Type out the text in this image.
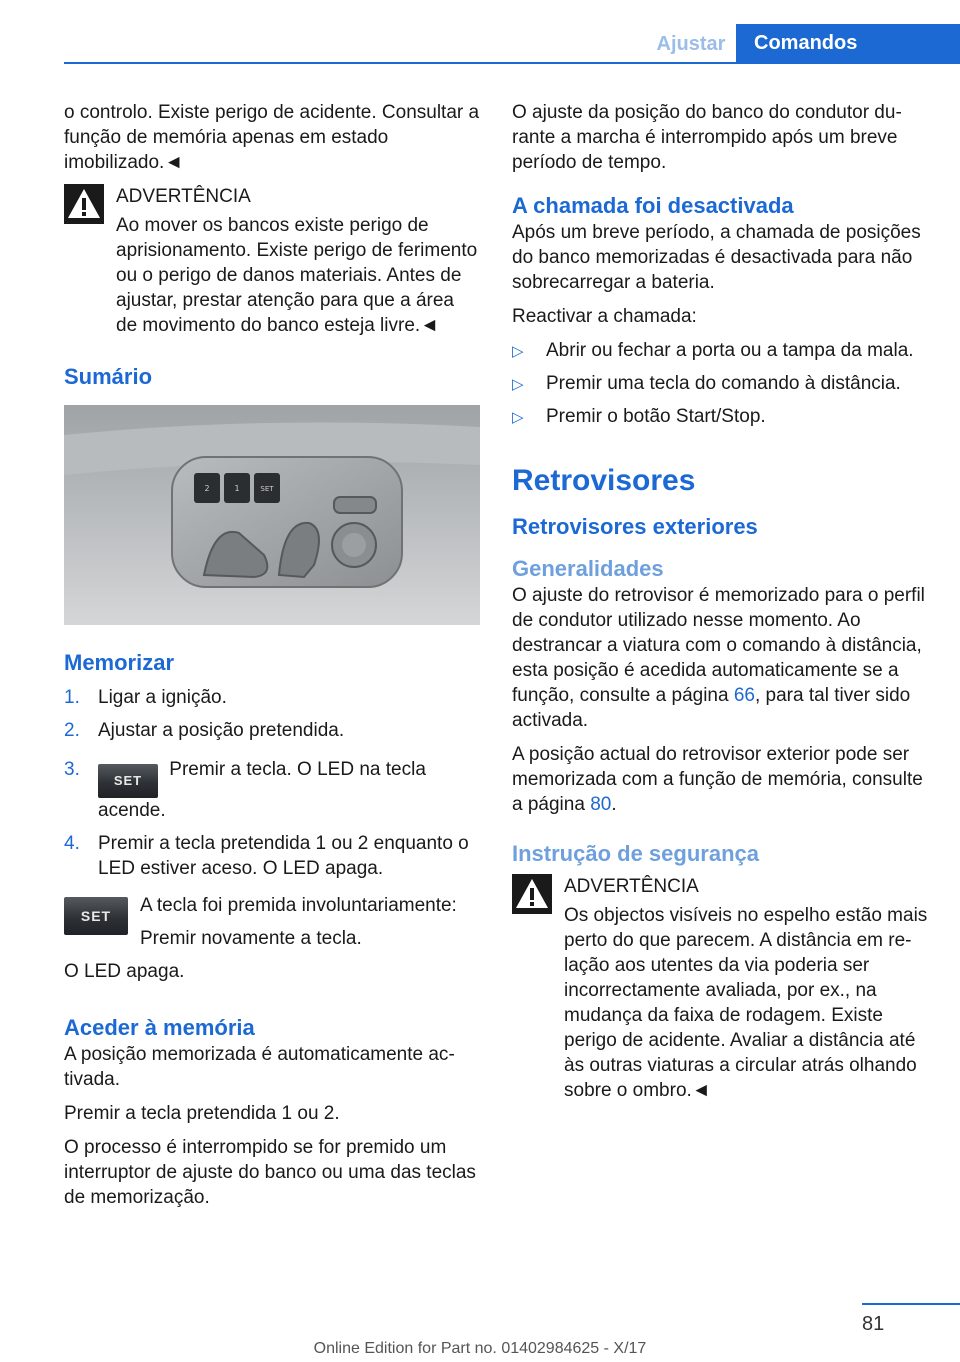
Ajustar	Comandos

o controlo. Existe perigo de acidente. Consultar a função de memória apenas em estado imobilizado.◄

ADVERTÊNCIA

Ao mover os bancos existe perigo de aprisionamento. Existe perigo de ferimento ou o perigo de danos materiais. Antes de ajustar, prestar atenção para que a área de movimento do banco esteja livre.◄

Sumário
2	1	SET
Memorizar
1. Ligar a ignição.
2. Ajustar a posição pretendida.
3.
SET Premir a tecla. O LED na tecla acende.
4. Premir a tecla pretendida 1 ou 2 enquanto o LED estiver aceso. O LED apaga.
SET	A tecla foi premida involuntariamente:

Premir novamente a tecla.

O LED apaga.

Aceder à memória

A posição memorizada é automaticamente activada.

Premir a tecla pretendida 1 ou 2.

O processo é interrompido se for premido um interruptor de ajuste do banco ou uma das teclas de memorização.

O ajuste da posição do banco do condutor durante a marcha é interrompido após um breve período de tempo.

A chamada foi desactivada

Após um breve período, a chamada de posições do banco memorizadas é desactivada para não sobrecarregar a bateria.

Reactivar a chamada:

▷ Abrir ou fechar a porta ou a tampa da mala.
▷ Premir uma tecla do comando à distância.
▷ Premir o botão Start/Stop.
Retrovisores
Retrovisores exteriores
Generalidades

O ajuste do retrovisor é memorizado para o perfil de condutor utilizado nesse momento. Ao destrancar a viatura com o comando à distância, esta posição é acedida automaticamente se a função, consulte a página 66, para tal tiver sido activada.

A posição actual do retrovisor exterior pode ser memorizada com a função de memória, consulte a página 80.

Instrução de segurança

ADVERTÊNCIA

Os objectos visíveis no espelho estão mais perto do que parecem. A distância em relação aos utentes da via poderia ser incorrectamente avaliada, por ex., na mudança da faixa de rodagem. Existe perigo de acidente. Avaliar a distância até às outras viaturas a circular atrás olhando sobre o ombro.◄

81
Online Edition for Part no. 01402984625 - X/17
